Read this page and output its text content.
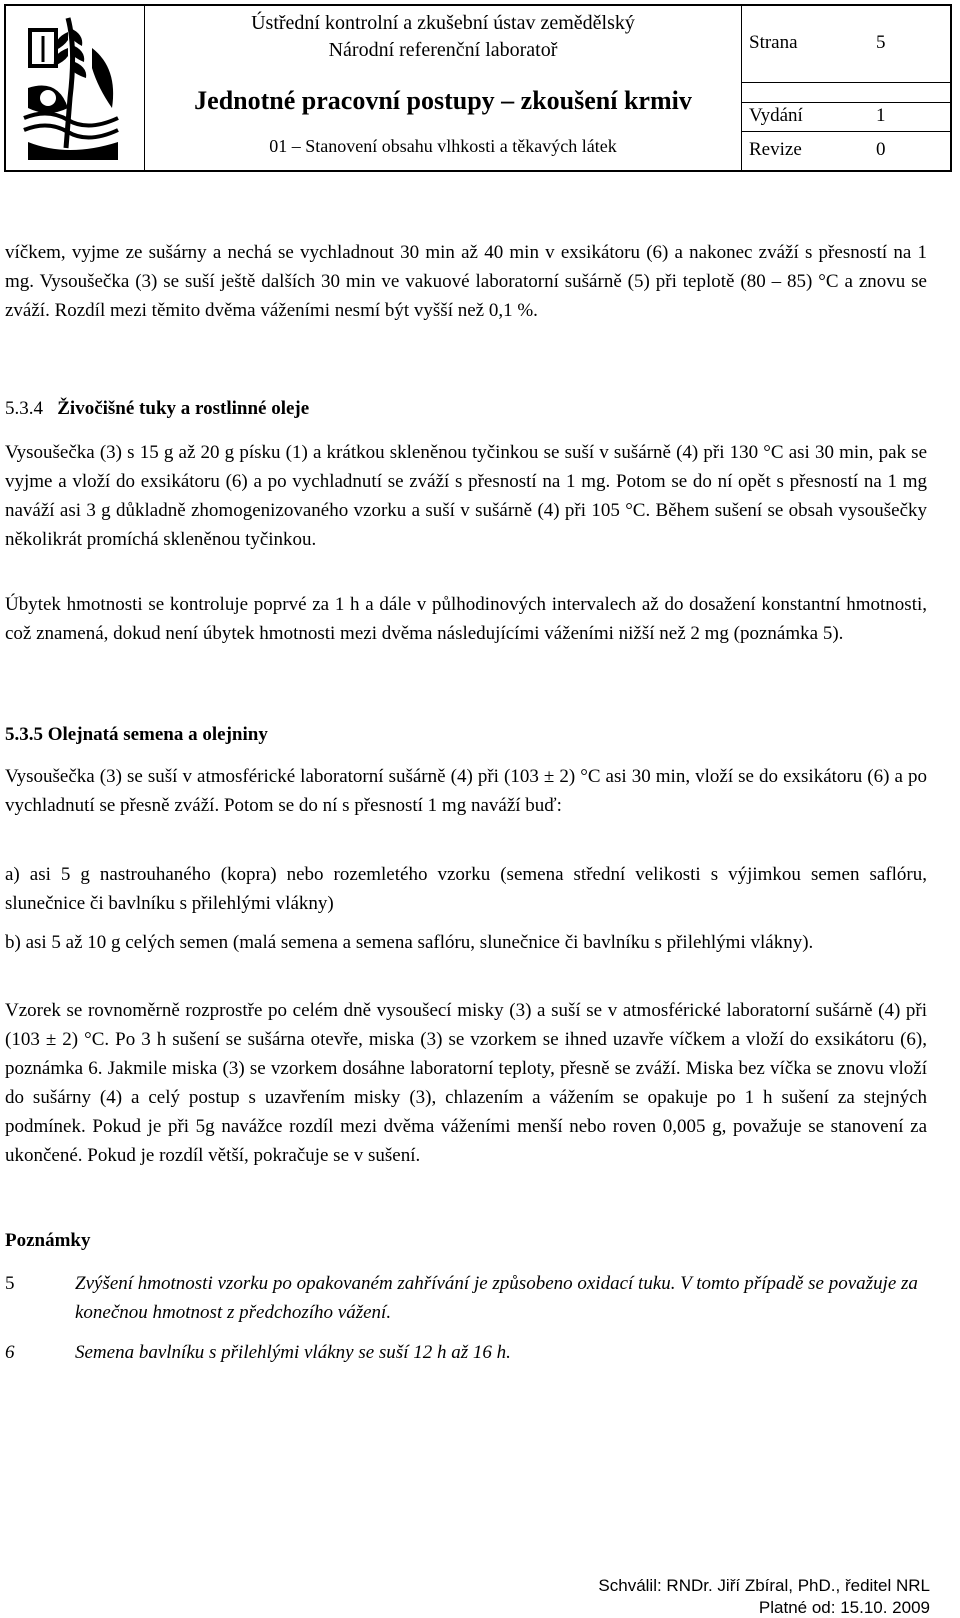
Ústřední kontrolní a zkušební ústav zemědělský
Národní referenční laboratoř
Jednotné pracovní postupy – zkoušení krmiv
01 – Stanovení obsahu vlhkosti a těkavých látek
Strana	5
Vydání	1
Revize	0
víčkem, vyjme ze sušárny a nechá se vychladnout 30 min až 40 min v exsikátoru (6) a nakonec zváží s přesností na 1 mg. Vysoušečka (3) se suší ještě dalších 30 min ve vakuové laboratorní sušárně (5) při teplotě (80 – 85) °C a znovu se zváží. Rozdíl mezi těmito dvěma váženími nesmí být vyšší než 0,1 %.
5.3.4 Živočišné tuky a rostlinné oleje
Vysoušečka (3) s 15 g až 20 g písku (1) a krátkou skleněnou tyčinkou se suší v sušárně (4) při 130 °C asi 30 min, pak se vyjme a vloží do exsikátoru (6) a po vychladnutí se zváží s přesností na 1 mg. Potom se do ní opět s přesností na 1 mg naváží asi 3 g důkladně zhomogenizovaného vzorku a suší v sušárně (4) při 105 °C. Během sušení se obsah vysoušečky několikrát promíchá skleněnou tyčinkou.
Úbytek hmotnosti se kontroluje poprvé za 1 h a dále v půlhodinových intervalech až do dosažení konstantní hmotnosti, což znamená, dokud není úbytek hmotnosti mezi dvěma následujícími váženími nižší než 2 mg (poznámka 5).
5.3.5 Olejnatá semena a olejniny
Vysoušečka (3) se suší v atmosférické laboratorní sušárně (4) při (103 ± 2) °C asi 30 min, vloží se do exsikátoru (6) a po vychladnutí se přesně zváží. Potom se do ní s přesností 1 mg naváží buď:
a) asi 5 g nastrouhaného (kopra) nebo rozemletého vzorku (semena střední velikosti s výjimkou semen saflóru, slunečnice či bavlníku s přilehlými vlákny)
b) asi 5 až 10 g celých semen (malá semena a semena saflóru, slunečnice či bavlníku s přilehlými vlákny).
Vzorek se rovnoměrně rozprostře po celém dně vysoušecí misky (3) a suší se v atmosférické laboratorní sušárně (4) při (103 ± 2) °C. Po 3 h sušení se sušárna otevře, miska (3) se vzorkem se ihned uzavře víčkem a vloží do exsikátoru (6), poznámka 6. Jakmile miska (3) se vzorkem dosáhne laboratorní teploty, přesně se zváží. Miska bez víčka se znovu vloží do sušárny (4) a celý postup s uzavřením misky (3), chlazením a vážením se opakuje po 1 h sušení za stejných podmínek. Pokud je při 5g navážce rozdíl mezi dvěma váženími menší nebo roven 0,005 g, považuje se stanovení za ukončené. Pokud je rozdíl větší, pokračuje se v sušení.
Poznámky
5	Zvýšení hmotnosti vzorku po opakovaném zahřívání je způsobeno oxidací tuku. V tomto případě se považuje za konečnou hmotnost z předchozího vážení.
6	Semena bavlníku s přilehlými vlákny se suší 12 h až 16 h.
Schválil: RNDr. Jiří Zbíral, PhD., ředitel NRL
Platné od: 15.10. 2009
